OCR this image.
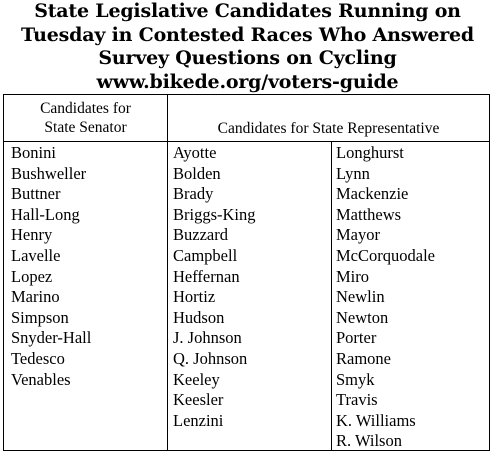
State Legislative Candidates Running on
Tuesday in Contested Races Who Answered
Survey Questions on Cycling
www.bikede.org/voters-guide
Candidates for
State Senator	Candidates for State Representative
Bonini
Bushweller
Buttner
Hall-Long
Henry
Lavelle
Lopez
Marino
Simpson
Snyder-Hall
Tedesco
Venables
Ayotte
Bolden
Brady
Briggs-King
Buzzard
Campbell
Heffernan
Hortiz
Hudson
J. Johnson
Q. Johnson
Keeley
Keesler
Lenzini
Longhurst
Lynn
Mackenzie
Matthews
Mayor
McCorquodale
Miro
Newlin
Newton
Porter
Ramone
Smyk
Travis
K. Williams
R. Wilson
